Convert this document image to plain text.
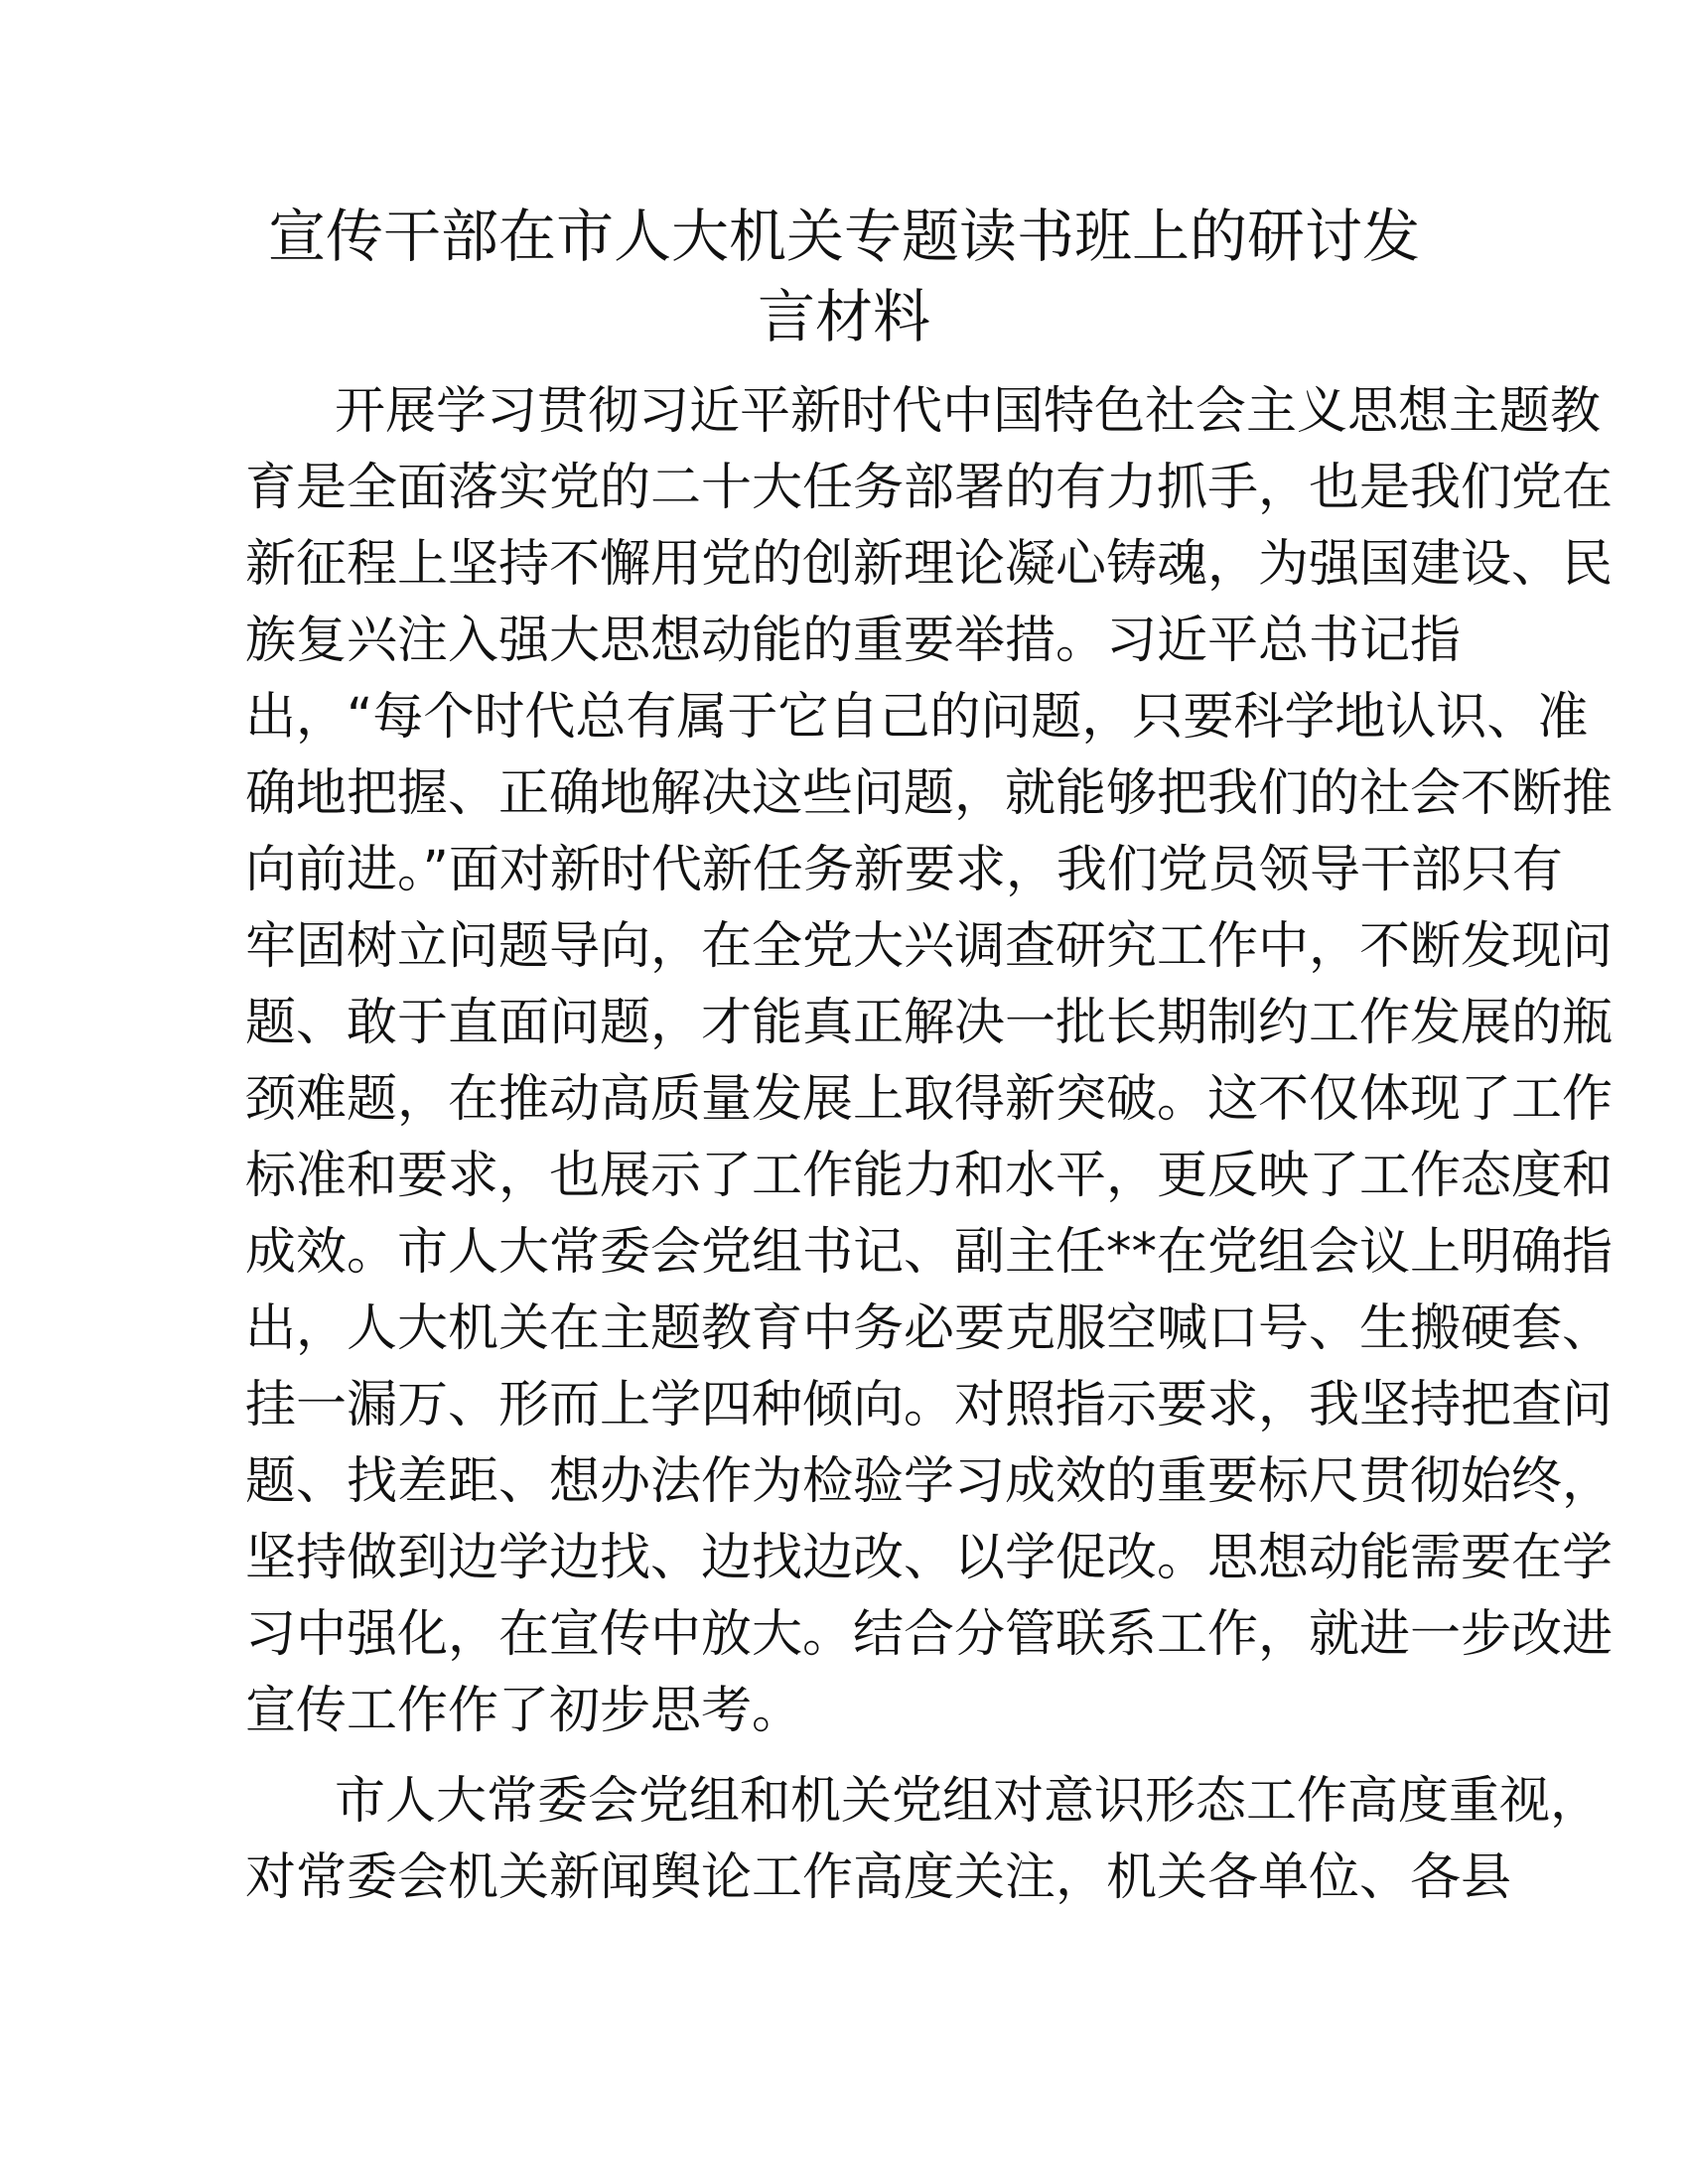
宣传干部在市人大机关专题读书班上的研讨发
言材料
开展学习贯彻习近平新时代中国特色社会主义思想主题教
育是全面落实党的二十大任务部署的有力抓手，也是我们党在
新征程上坚持不懈用党的创新理论凝心铸魂，为强国建设、民
族复兴注入强大思想动能的重要举措。习近平总书记指
出，“每个时代总有属于它自己的问题，只要科学地认识、准
确地把握、正确地解决这些问题，就能够把我们的社会不断推
向前进。”面对新时代新任务新要求，我们党员领导干部只有
牢固树立问题导向，在全党大兴调查研究工作中，不断发现问
题、敢于直面问题，才能真正解决一批长期制约工作发展的瓶
颈难题，在推动高质量发展上取得新突破。这不仅体现了工作
标准和要求，也展示了工作能力和水平，更反映了工作态度和
成效。市人大常委会党组书记、副主任**在党组会议上明确指
出，人大机关在主题教育中务必要克服空喊口号、生搬硬套、
挂一漏万、形而上学四种倾向。对照指示要求，我坚持把查问
题、找差距、想办法作为检验学习成效的重要标尺贯彻始终，
坚持做到边学边找、边找边改、以学促改。思想动能需要在学
习中强化，在宣传中放大。结合分管联系工作，就进一步改进
宣传工作作了初步思考。
市人大常委会党组和机关党组对意识形态工作高度重视，
对常委会机关新闻舆论工作高度关注，机关各单位、各县
